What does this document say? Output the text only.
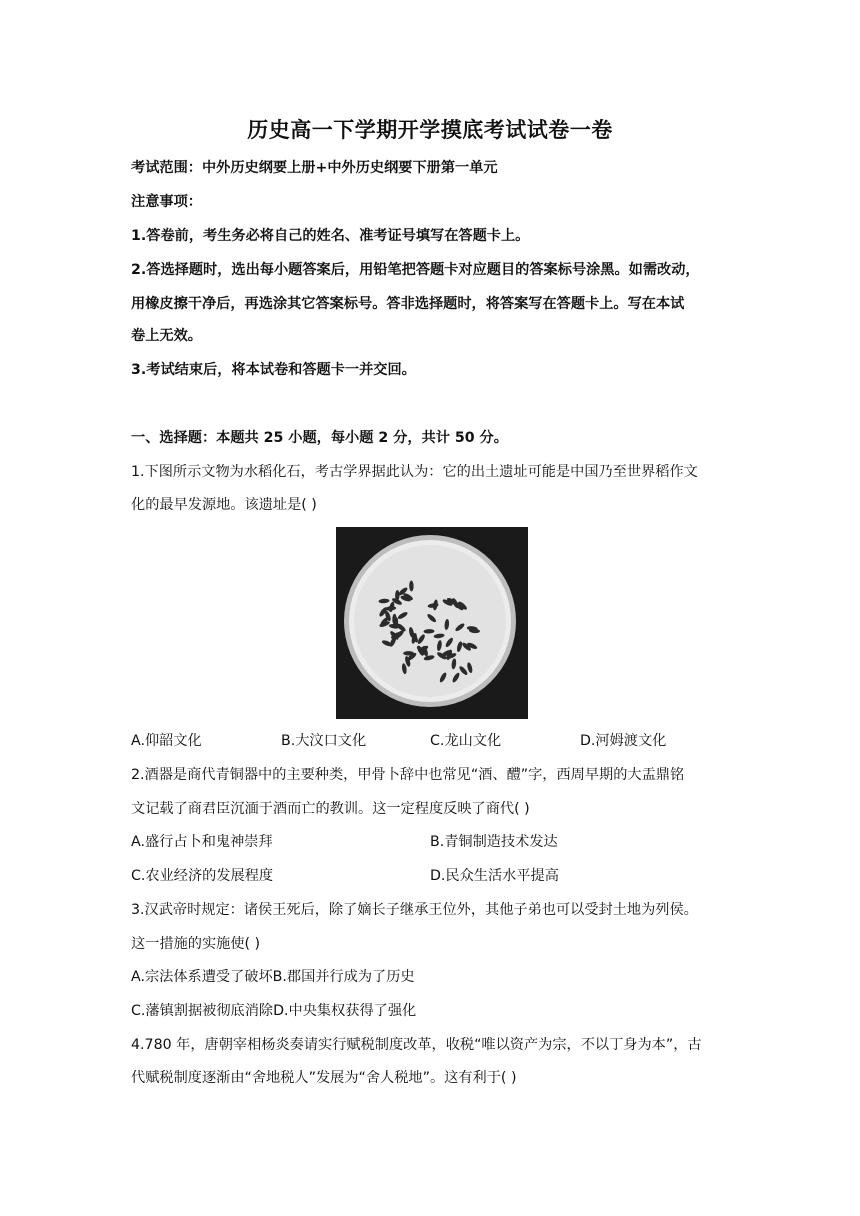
历史高一下学期开学摸底考试试卷一卷
考试范围：中外历史纲要上册+中外历史纲要下册第一单元
注意事项：
1.答卷前，考生务必将自己的姓名、准考证号填写在答题卡上。
2.答选择题时，选出每小题答案后，用铅笔把答题卡对应题目的答案标号涂黑。如需改动，
用橡皮擦干净后，再选涂其它答案标号。答非选择题时，将答案写在答题卡上。写在本试
卷上无效。
3.考试结束后，将本试卷和答题卡一并交回。
一、选择题：本题共 25 小题，每小题 2 分，共计 50 分。
1.下图所示文物为水稻化石，考古学界据此认为：它的出土遗址可能是中国乃至世界稻作文
化的最早发源地。该遗址是( )
A.仰韶文化	B.大汶口文化	C.龙山文化	D.河姆渡文化
2.酒器是商代青铜器中的主要种类，甲骨卜辞中也常见“酒、醴”字，西周早期的大盂鼎铭
文记载了商君臣沉湎于酒而亡的教训。这一定程度反映了商代( )
A.盛行占卜和鬼神崇拜	B.青铜制造技术发达
C.农业经济的发展程度	D.民众生活水平提高
3.汉武帝时规定：诸侯王死后，除了嫡长子继承王位外，其他子弟也可以受封土地为列侯。
这一措施的实施使( )
A.宗法体系遭受了破坏B.郡国并行成为了历史
C.藩镇割据被彻底消除D.中央集权获得了强化
4.780 年，唐朝宰相杨炎奏请实行赋税制度改革，收税“唯以资产为宗，不以丁身为本”，古
代赋税制度逐渐由“舍地税人”发展为“舍人税地”。这有利于( )
